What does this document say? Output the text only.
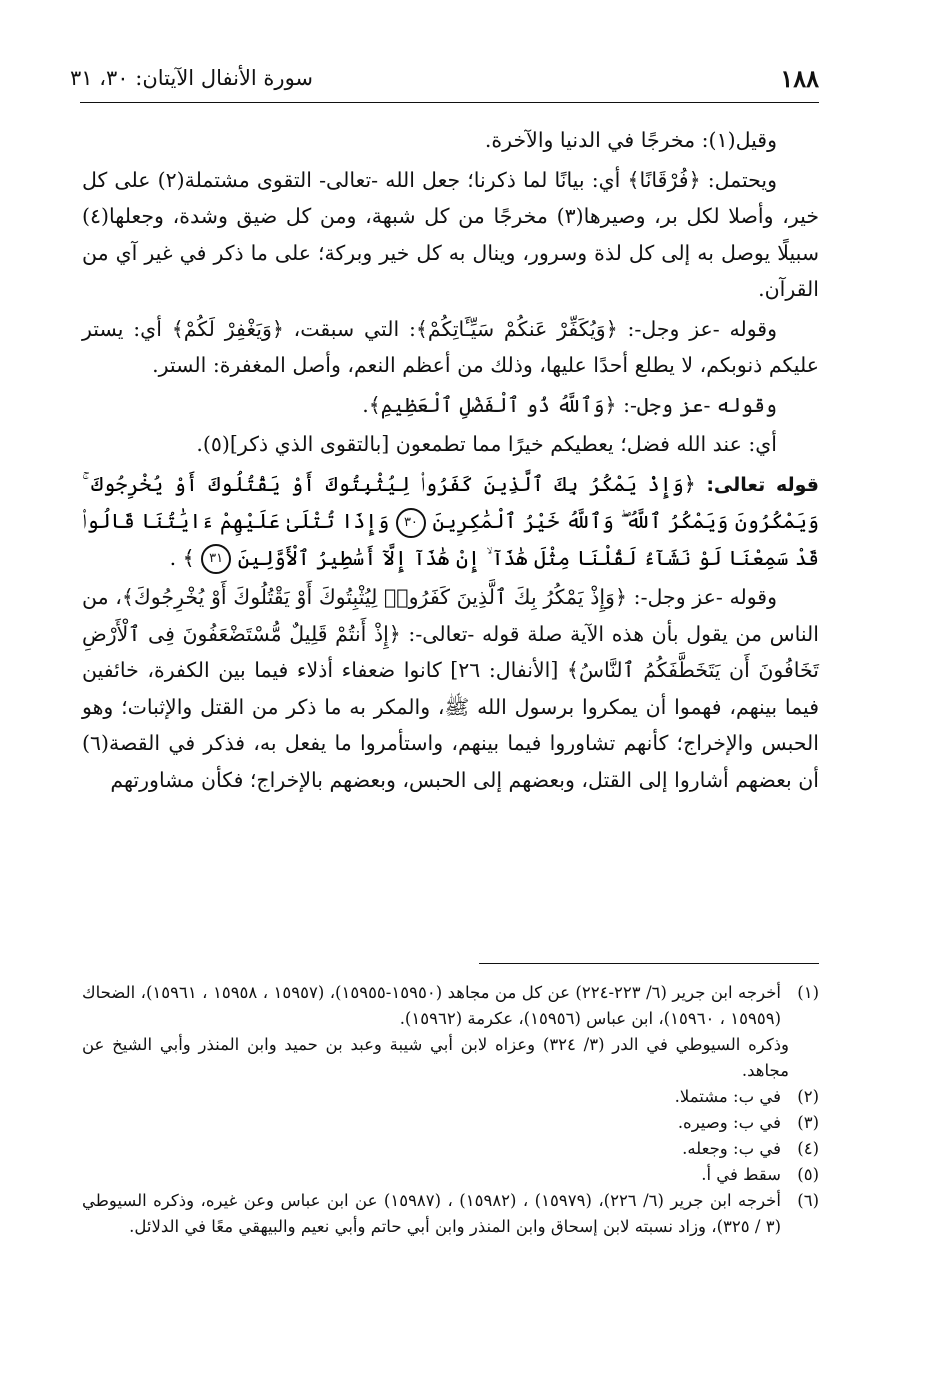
١٨٨
سورة الأنفال الآيتان: ٣٠، ٣١

وقيل(١): مخرجًا في الدنيا والآخرة.

ويحتمل: ﴿فُرْقَانًا﴾ أي: بيانًا لما ذكرنا؛ جعل الله -تعالى- التقوى مشتملة(٢) على كل خير، وأصلا لكل بر، وصيرها(٣) مخرجًا من كل شبهة، ومن كل ضيق وشدة، وجعلها(٤) سبيلًا يوصل به إلى كل لذة وسرور، وينال به كل خير وبركة؛ على ما ذكر في غير آي من القرآن.

وقوله -عز وجل-: ﴿وَيُكَفِّرْ عَنكُمْ سَيِّـَٔاتِكُمْ﴾: التي سبقت، ﴿وَيَغْفِرْ لَكُمْ﴾ أي: يستر عليكم ذنوبكم، لا يطلع أحدًا عليها، وذلك من أعظم النعم، وأصل المغفرة: الستر.

وقوله -عز وجل-: ﴿وَٱللَّهُ ذُو ٱلْفَضْلِ ٱلْعَظِيمِ﴾.

أي: عند الله فضل؛ يعطيكم خيرًا مما تطمعون [بالتقوى الذي ذكر](٥).

قوله تعالى: ﴿وَإِذْ يَمْكُرُ بِكَ ٱلَّذِينَ كَفَرُوا۟ لِيُثْبِتُوكَ أَوْ يَقْتُلُوكَ أَوْ يُخْرِجُوكَ ۚ وَيَمْكُرُونَ وَيَمْكُرُ ٱللَّهُ ۖ وَٱللَّهُ خَيْرُ ٱلْمَٰكِرِينَ ٣٠ وَإِذَا تُتْلَىٰ عَلَيْهِمْ ءَايَٰتُنَا قَالُوا۟ قَدْ سَمِعْنَا لَوْ نَشَآءُ لَقُلْنَا مِثْلَ هَٰذَآ ۙ إِنْ هَٰذَآ إِلَّآ أَسَٰطِيرُ ٱلْأَوَّلِينَ ٣١ ﴾ .

وقوله -عز وجل-: ﴿وَإِذْ يَمْكُرُ بِكَ ٱلَّذِينَ كَفَرُوا۟ لِيُثْبِتُوكَ أَوْ يَقْتُلُوكَ أَوْ يُخْرِجُوكَ﴾، من الناس من يقول بأن هذه الآية صلة قوله -تعالى-: ﴿إِذْ أَنتُمْ قَلِيلٌ مُّسْتَضْعَفُونَ فِى ٱلْأَرْضِ تَخَافُونَ أَن يَتَخَطَّفَكُمُ ٱلنَّاسُ﴾ [الأنفال: ٢٦] كانوا ضعفاء أذلاء فيما بين الكفرة، خائفين فيما بينهم، فهموا أن يمكروا برسول الله ﷺ، والمكر به ما ذكر من القتل والإثبات؛ وهو الحبس والإخراج؛ كأنهم تشاوروا فيما بينهم، واستأمروا ما يفعل به، فذكر في القصة(٦) أن بعضهم أشاروا إلى القتل، وبعضهم إلى الحبس، وبعضهم بالإخراج؛ فكأن مشاورتهم

(١)
أخرجه ابن جرير (٦/ ٢٢٣-٢٢٤) عن كل من مجاهد (١٥٩٥٠-١٥٩٥٥)، (١٥٩٥٧ ، ١٥٩٥٨ ، ١٥٩٦١)، الضحاك (١٥٩٥٩ ، ١٥٩٦٠)، ابن عباس (١٥٩٥٦)، عكرمة (١٥٩٦٢).
وذكره السيوطي في الدر (٣/ ٣٢٤) وعزاه لابن أبي شيبة وعبد بن حميد وابن المنذر وأبي الشيخ عن مجاهد.
(٢)
في ب: مشتملا.
(٣)
في ب: وصيره.
(٤)
في ب: وجعله.
(٥)
سقط في أ.
(٦)
أخرجه ابن جرير (٦/ ٢٢٦)، (١٥٩٧٩) ، (١٥٩٨٢) ، (١٥٩٨٧) عن ابن عباس وعن غيره، وذكره السيوطي (٣ / ٣٢٥)، وزاد نسبته لابن إسحاق وابن المنذر وابن أبي حاتم وأبي نعيم والبيهقي معًا في الدلائل.
